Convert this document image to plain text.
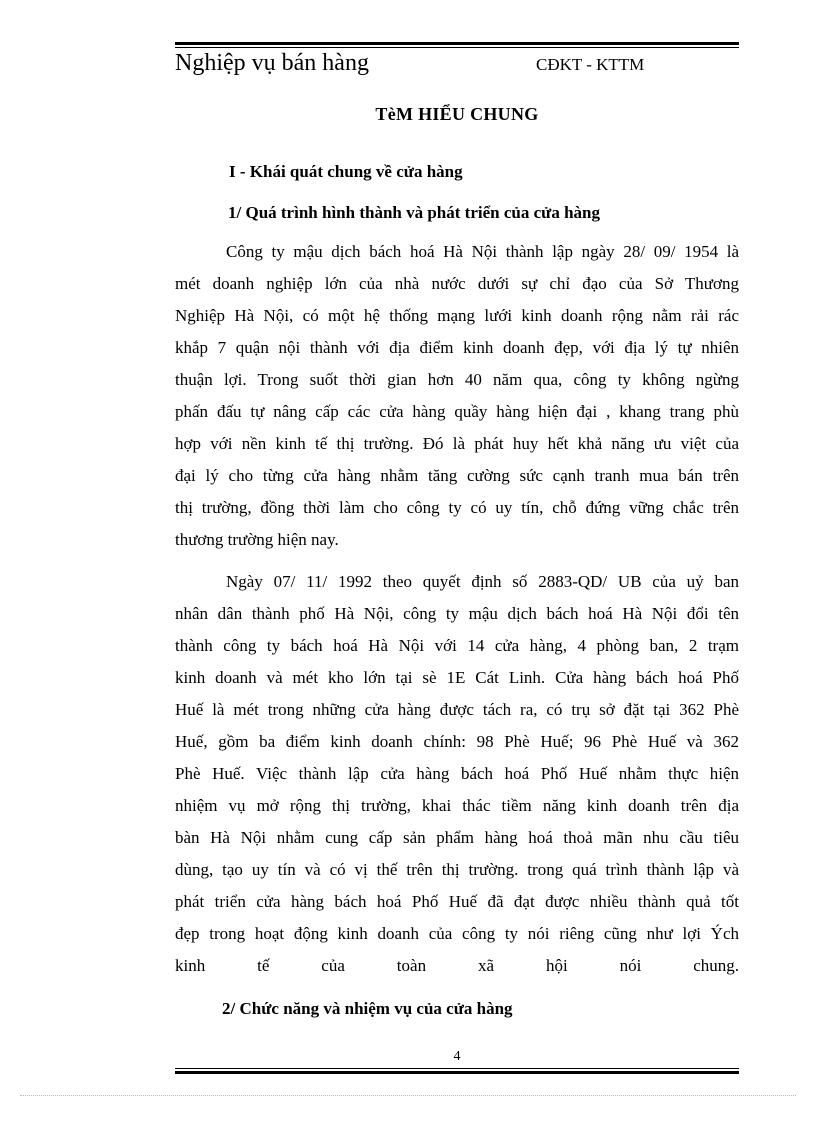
Nghiệp vụ bán hàng	CĐKT - KTTM
TèM HIỂU CHUNG
I - Khái quát chung về cửa hàng
1/ Quá trình hình thành và phát triển của cửa hàng
Công ty mậu dịch bách hoá Hà Nội thành lập ngày 28/ 09/ 1954 là
mét doanh nghiệp lớn của nhà nước dưới sự chỉ đạo của Sở Thương
Nghiệp Hà Nội, có một hệ thống mạng lưới kinh doanh rộng nằm rải rác
khắp 7 quận nội thành với địa điểm kinh doanh đẹp, với địa lý tự nhiên
thuận lợi. Trong suốt thời gian hơn 40 năm qua, công ty không ngừng
phấn đấu tự nâng cấp các cửa hàng quầy hàng hiện đại , khang trang phù
hợp với nền kinh tế thị trường. Đó là phát huy hết khả năng ưu việt của
đại lý cho từng cửa hàng nhằm tăng cường sức cạnh tranh mua bán trên
thị trường, đồng thời làm cho công ty có uy tín, chỗ đứng vững chắc trên
thương trường hiện nay.
Ngày 07/ 11/ 1992 theo quyết định số 2883-QD/ UB của uỷ ban
nhân dân thành phố Hà Nội, công ty mậu dịch bách hoá Hà Nội đổi tên
thành công ty bách hoá Hà Nội với 14 cửa hàng, 4 phòng ban, 2 trạm
kinh doanh và mét kho lớn tại sè 1E Cát Linh. Cửa hàng bách hoá Phố
Huế là mét trong những cửa hàng được tách ra, có trụ sở đặt tại 362 Phè
Huế, gồm ba điểm kinh doanh chính: 98 Phè Huế; 96 Phè Huế và 362
Phè Huế. Việc thành lập cửa hàng bách hoá Phố Huế nhằm thực hiện
nhiệm vụ mở rộng thị trường, khai thác tiềm năng kinh doanh trên địa
bàn Hà Nội nhằm cung cấp sản phẩm hàng hoá thoả mãn nhu cầu tiêu
dùng, tạo uy tín và có vị thế trên thị trường. trong quá trình thành lập và
phát triển cửa hàng bách hoá Phố Huế đã đạt được nhiều thành quả tốt
đẹp trong hoạt động kinh doanh của công ty nói riêng cũng như lợi Ých
kinh tế của toàn xã hội nói chung.
2/ Chức năng và nhiệm vụ của cửa hàng
4
